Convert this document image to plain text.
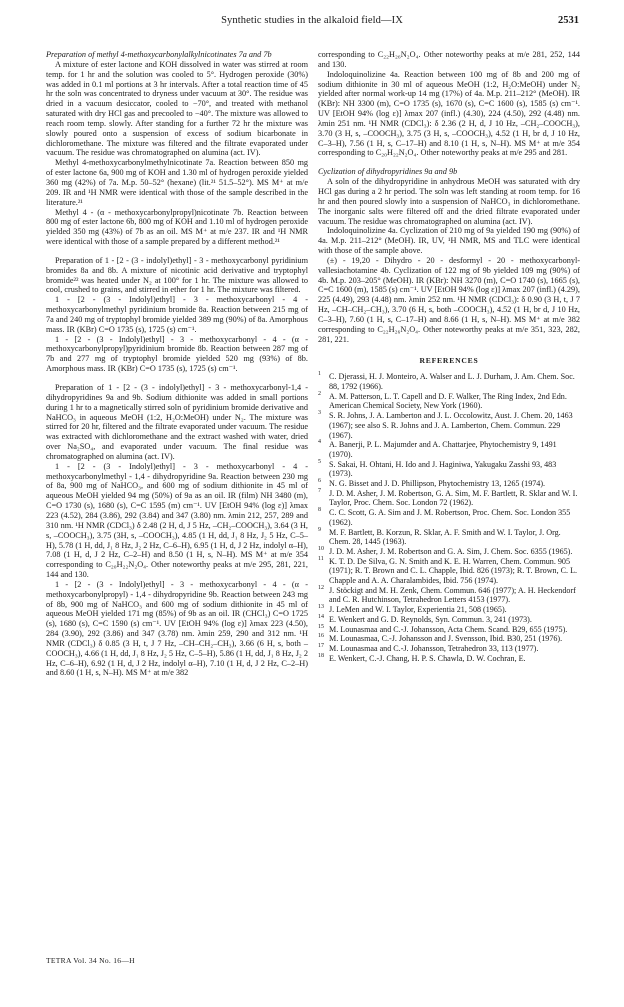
Synthetic studies in the alkaloid field—IX	2531

Preparation of methyl 4-methoxycarbonylalkylnicotinates 7a and 7b

A mixture of ester lactone and KOH dissolved in water was stirred at room temp. for 1 hr and the solution was cooled to 5°. Hydrogen peroxide (30%) was added in 0.1 ml portions at 3 hr intervals. After a total reaction time of 45 hr the soln was concentrated to dryness under vacuum at 30°. The residue was dried in a vacuum desiccator, cooled to −70°, and treated with methanol saturated with dry HCl gas and precooled to −40°. The mixture was allowed to reach room temp. slowly. After standing for a further 72 hr the mixture was slowly poured onto a suspension of excess of sodium bicarbonate in dichloromethane. The mixture was filtered and the filtrate evaporated under vacuum. The residue was chromatographed on alumina (act. IV).

Methyl 4-methoxycarbonylmethylnicotinate 7a. Reaction between 850 mg of ester lactone 6a, 900 mg of KOH and 1.30 ml of hydrogen peroxide yielded 360 mg (42%) of 7a. M.p. 50–52° (hexane) (lit.²¹ 51.5–52°). MS M⁺ at m/e 209. IR and ¹H NMR were identical with those of the sample described in the literature.²¹

Methyl 4 - (α - methoxycarbonylpropyl)nicotinate 7b. Reaction between 800 mg of ester lactone 6b, 800 mg of KOH and 1.10 ml of hydrogen peroxide yielded 350 mg (43%) of 7b as an oil. MS M⁺ at m/e 237. IR and ¹H NMR were identical with those of a sample prepared by a different method.²¹

Preparation of 1 - [2 - (3 - indolyl)ethyl] - 3 - methoxycarbonyl pyridinium bromides 8a and 8b. A mixture of nicotinic acid derivative and tryptophyl bromide²² was heated under N₂ at 100° for 1 hr. The mixture was allowed to cool, crushed to grains, and stirred in ether for 1 hr. The mixture was filtered.

1 - [2 - (3 - Indolyl)ethyl] - 3 - methoxycarbonyl - 4 - methoxycarbonylmethyl pyridinium bromide 8a. Reaction between 215 mg of 7a and 240 mg of tryptophyl bromide yielded 389 mg (90%) of 8a. Amorphous mass. IR (KBr) C=O 1735 (s), 1725 (s) cm⁻¹.

1 - [2 - (3 - Indolyl)ethyl] - 3 - methoxycarbonyl - 4 - (α - methoxycarbonylpropyl)pyridinium bromide 8b. Reaction between 287 mg of 7b and 277 mg of tryptophyl bromide yielded 520 mg (93%) of 8b. Amorphous mass. IR (KBr) C=O 1735 (s), 1725 (s) cm⁻¹.

Preparation of 1 - [2 - (3 - indolyl)ethyl] - 3 - methoxycarbonyl-1,4 - dihydropyridines 9a and 9b. Sodium dithionite was added in small portions during 1 hr to a magnetically stirred soln of pyridinium bromide derivative and NaHCO₃ in aqueous MeOH (1:2, H₂O:MeOH) under N₂. The mixture was stirred for 20 hr, filtered and the filtrate evaporated under vacuum. The residue was extracted with dichloromethane and the extract washed with water, dried over Na₂SO₄, and evaporated under vacuum. The final residue was chromatographed on alumina (act. IV).

1 - [2 - (3 - Indolyl)ethyl] - 3 - methoxycarbonyl - 4 - methoxycarbonylmethyl - 1,4 - dihydropyridine 9a. Reaction between 230 mg of 8a, 900 mg of NaHCO₃, and 600 mg of sodium dithionite in 45 ml of aqueous MeOH yielded 94 mg (50%) of 9a as an oil. IR (film) NH 3480 (m), C=O 1730 (s), 1680 (s), C=C 1595 (m) cm⁻¹. UV [EtOH 94% (log ε)] λmax 223 (4.52), 284 (3.86), 292 (3.84) and 347 (3.80) nm. λmin 212, 257, 289 and 310 nm. ¹H NMR (CDCl₃) δ 2.48 (2 H, d, J 5 Hz, –CH₂–COOCH₃), 3.64 (3 H, s, –COOCH₃), 3.75 (3H, s, –COOCH₃), 4.85 (1 H, dd, J₁ 8 Hz, J₂ 5 Hz, C–5–H), 5.78 (1 H, dd, J₁ 8 Hz, J₂ 2 Hz, C–6–H), 6.95 (1 H, d, J 2 Hz, indolyl α–H), 7.08 (1 H, d, J 2 Hz, C–2–H) and 8.50 (1 H, s, N–H). MS M⁺ at m/e 354 corresponding to C₂₀H₂₂N₂O₄. Other noteworthy peaks at m/e 295, 281, 221, 144 and 130.

1 - [2 - (3 - Indolyl)ethyl] - 3 - methoxycarbonyl - 4 - (α - methoxycarbonylpropyl) - 1,4 - dihydropyridine 9b. Reaction between 243 mg of 8b, 900 mg of NaHCO₃ and 600 mg of sodium dithionite in 45 ml of aqueous MeOH yielded 171 mg (85%) of 9b as an oil. IR (CHCl₃) C=O 1725 (s), 1680 (s), C=C 1590 (s) cm⁻¹. UV [EtOH 94% (log ε)] λmax 223 (4.50), 284 (3.90), 292 (3.86) and 347 (3.78) nm. λmin 259, 290 and 312 nm. ¹H NMR (CDCl₃) δ 0.85 (3 H, t, J 7 Hz, –CH–CH₂–CH₃), 3.66 (6 H, s, both –COOCH₃), 4.66 (1 H, dd, J₁ 8 Hz, J₂ 5 Hz, C–5–H), 5.86 (1 H, dd, J₁ 8 Hz, J₂ 2 Hz, C–6–H), 6.92 (1 H, d, J 2 Hz, indolyl α–H), 7.10 (1 H, d, J 2 Hz, C–2–H) and 8.60 (1 H, s, N–H). MS M⁺ at m/e 382

corresponding to C₂₂H₂₆N₂O₄. Other noteworthy peaks at m/e 281, 252, 144 and 130.

Indoloquinolizine 4a. Reaction between 100 mg of 8b and 200 mg of sodium dithionite in 30 ml of aqueous MeOH (1:2, H₂O:MeOH) under N₂ yielded after normal work-up 14 mg (17%) of 4a. M.p. 211–212° (MeOH). IR (KBr): NH 3300 (m), C=O 1735 (s), 1670 (s), C=C 1600 (s), 1585 (s) cm⁻¹. UV [EtOH 94% (log ε)] λmax 207 (infl.) (4.30), 224 (4.50), 292 (4.48) nm. λmin 251 nm. ¹H NMR (CDCl₃): δ 2.36 (2 H, d, J 10 Hz, –CH₂–COOCH₃), 3.70 (3 H, s, –COOCH₃), 3.75 (3 H, s, –COOCH₃), 4.52 (1 H, br d, J 10 Hz, C–3–H), 7.56 (1 H, s, C–17–H) and 8.10 (1 H, s, N–H). MS M⁺ at m/e 354 corresponding to C₂₀H₂₂N₂O₄. Other noteworthy peaks at m/e 295 and 281.

Cyclization of dihydropyridines 9a and 9b

A soln of the dihydropyridine in anhydrous MeOH was saturated with dry HCl gas during a 2 hr period. The soln was left standing at room temp. for 16 hr and then poured slowly into a suspension of NaHCO₃ in dichloromethane. The inorganic salts were filtered off and the dried filtrate evaporated under vacuum. The residue was chromatographed on alumina (act. IV).

Indoloquinolizine 4a. Cyclization of 210 mg of 9a yielded 190 mg (90%) of 4a. M.p. 211–212° (MeOH). IR, UV, ¹H NMR, MS and TLC were identical with those of the sample above.

(±) - 19,20 - Dihydro - 20 - desformyl - 20 - methoxycarbonyl-vallesiachotamine 4b. Cyclization of 122 mg of 9b yielded 109 mg (90%) of 4b. M.p. 203–205° (MeOH). IR (KBr): NH 3270 (m), C=O 1740 (s), 1665 (s), C=C 1600 (m), 1585 (s) cm⁻¹. UV [EtOH 94% (log ε)] λmax 207 (infl.) (4.29), 225 (4.49), 293 (4.48) nm. λmin 252 nm. ¹H NMR (CDCl₃): δ 0.90 (3 H, t, J 7 Hz, –CH–CH₂–CH₃), 3.70 (6 H, s, both –COOCH₃), 4.52 (1 H, br d, J 10 Hz, C–3–H), 7.60 (1 H, s, C–17–H) and 8.66 (1 H, s, N–H). MS M⁺ at m/e 382 corresponding to C₂₂H₂₆N₂O₄. Other noteworthy peaks at m/e 351, 323, 282, 281, 221.

REFERENCES
1 C. Djerassi, H. J. Monteiro, A. Walser and L. J. Durham, J. Am. Chem. Soc. 88, 1792 (1966).
2 A. M. Patterson, L. T. Capell and D. F. Walker, The Ring Index, 2nd Edn. American Chemical Society, New York (1960).
3 S. R. Johns, J. A. Lamberton and J. L. Occolowitz, Aust. J. Chem. 20, 1463 (1967); see also S. R. Johns and J. A. Lamberton, Chem. Commun. 229 (1967).
4 A. Banerji, P. L. Majumder and A. Chattarjee, Phytochemistry 9, 1491 (1970).
5 S. Sakai, H. Ohtani, H. Ido and J. Haginiwa, Yakugaku Zasshi 93, 483 (1973).
6 N. G. Bisset and J. D. Phillipson, Phytochemistry 13, 1265 (1974).
7 J. D. M. Asher, J. M. Robertson, G. A. Sim, M. F. Bartlett, R. Sklar and W. I. Taylor, Proc. Chem. Soc. London 72 (1962).
8 C. C. Scott, G. A. Sim and J. M. Robertson, Proc. Chem. Soc. London 355 (1962).
9 M. F. Bartlett, B. Korzun, R. Sklar, A. F. Smith and W. I. Taylor, J. Org. Chem. 28, 1445 (1963).
10 J. D. M. Asher, J. M. Robertson and G. A. Sim, J. Chem. Soc. 6355 (1965).
11 K. T. D. De Silva, G. N. Smith and K. E. H. Warren, Chem. Commun. 905 (1971); R. T. Brown and C. L. Chapple, Ibid. 826 (1973); R. T. Brown, C. L. Chapple and A. A. Charalambides, Ibid. 756 (1974).
12 J. Stöckigt and M. H. Zenk, Chem. Commun. 646 (1977); A. H. Heckendorf and C. R. Hutchinson, Tetrahedron Letters 4153 (1977).
13 J. LeMen and W. I. Taylor, Experientia 21, 508 (1965).
14 E. Wenkert and G. D. Reynolds, Syn. Commun. 3, 241 (1973).
15 M. Lounasmaa and C.-J. Johansson, Acta Chem. Scand. B29, 655 (1975).
16 M. Lounasmaa, C.-J. Johansson and J. Svensson, Ibid. B30, 251 (1976).
17 M. Lounasmaa and C.-J. Johansson, Tetrahedron 33, 113 (1977).
18 E. Wenkert, C.-J. Chang, H. P. S. Chawla, D. W. Cochran, E.
TETRA Vol. 34 No. 16—H
